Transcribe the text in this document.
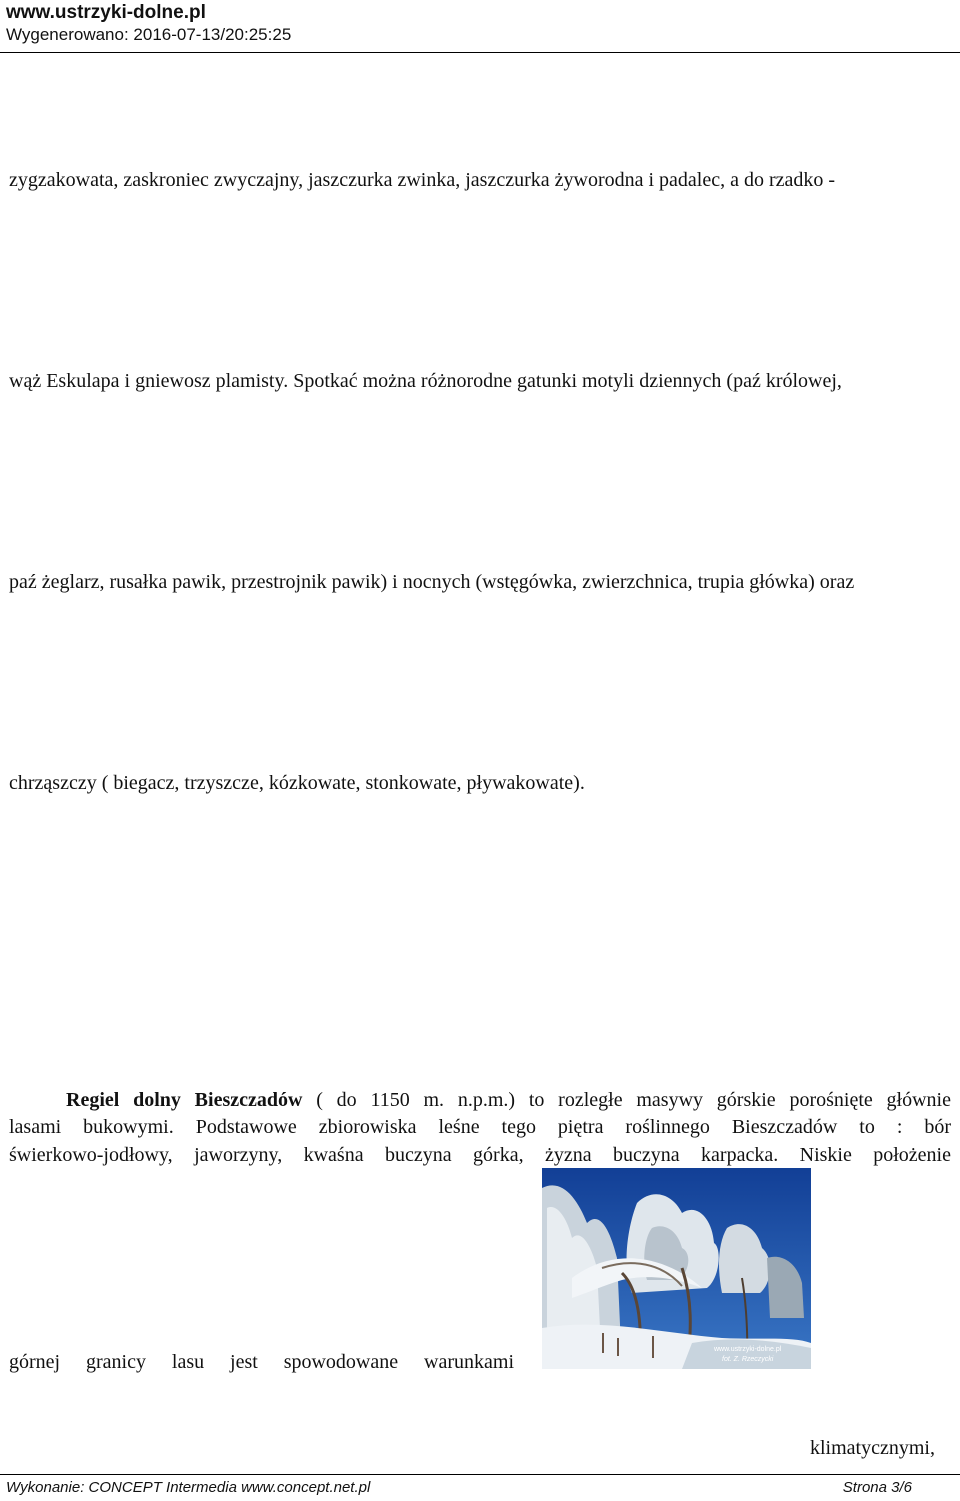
www.ustrzyki-dolne.pl
Wygenerowano: 2016-07-13/20:25:25
zygzakowata, zaskroniec zwyczajny, jaszczurka zwinka, jaszczurka żyworodna i padalec, a do rzadko -
wąż Eskulapa i gniewosz plamisty. Spotkać można różnorodne gatunki motyli dziennych (paź królowej,
paź żeglarz, rusałka pawik, przestrojnik pawik) i nocnych (wstęgówka, zwierzchnica, trupia główka) oraz
chrząszczy ( biegacz, trzyszcze, kózkowate, stonkowate, pływakowate).
Regiel dolny Bieszczadów ( do 1150 m. n.p.m.) to rozległe masywy górskie porośnięte głównie
lasami bukowymi. Podstawowe zbiorowiska leśne tego piętra roślinnego Bieszczadów to : bór
świerkowo-jodłowy, jaworzyny, kwaśna buczyna górka, żyzna buczyna karpacka. Niskie położenie
górnej granicy lasu jest spowodowane warunkami
klimatycznymi,
www.ustrzyki-dolne.pl
fot. Z. Rzeczycki
Wykonanie: CONCEPT Intermedia www.concept.net.pl	Strona 3/6
